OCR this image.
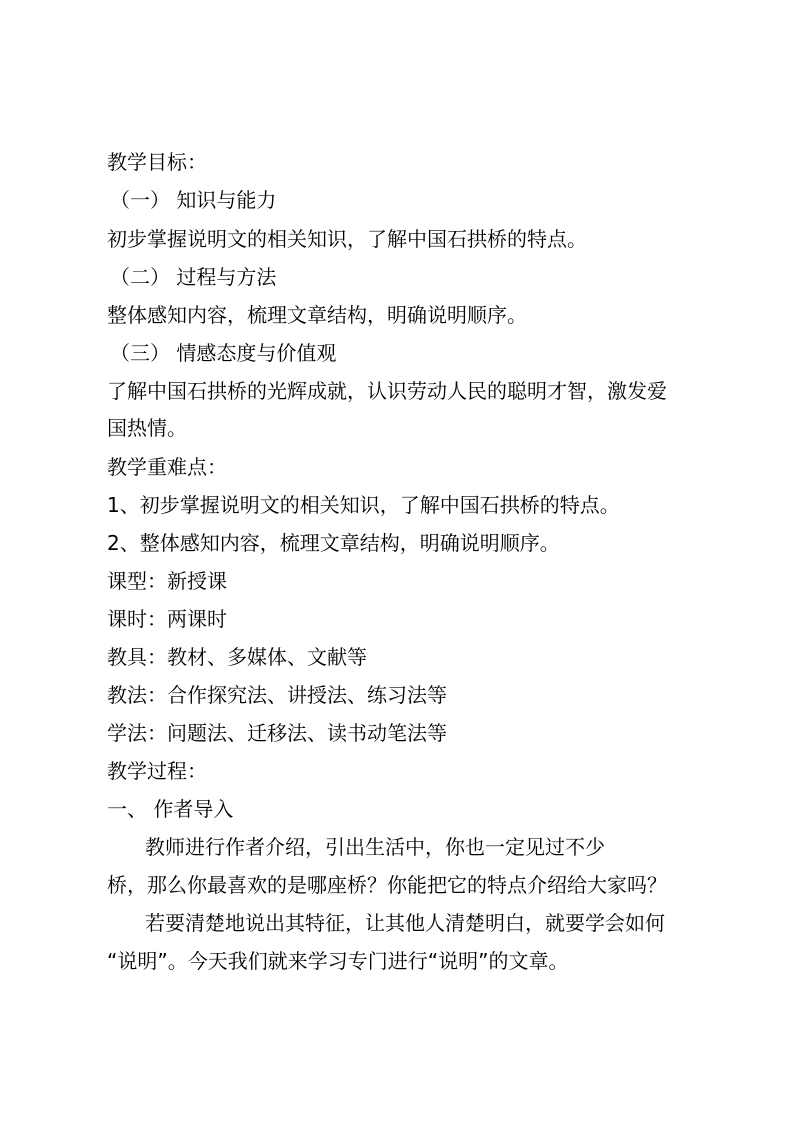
教学目标：
（一） 知识与能力
初步掌握说明文的相关知识，了解中国石拱桥的特点。
（二） 过程与方法
整体感知内容，梳理文章结构，明确说明顺序。
（三） 情感态度与价值观
了解中国石拱桥的光辉成就，认识劳动人民的聪明才智，激发爱
国热情。
教学重难点：
1、初步掌握说明文的相关知识，了解中国石拱桥的特点。
2、整体感知内容，梳理文章结构，明确说明顺序。
课型：新授课
课时：两课时
教具：教材、多媒体、文献等
教法：合作探究法、讲授法、练习法等
学法：问题法、迁移法、读书动笔法等
教学过程：
一、 作者导入
教师进行作者介绍，引出生活中，你也一定见过不少
桥，那么你最喜欢的是哪座桥？你能把它的特点介绍给大家吗？
若要清楚地说出其特征，让其他人清楚明白，就要学会如何
“说明”。今天我们就来学习专门进行“说明”的文章。
